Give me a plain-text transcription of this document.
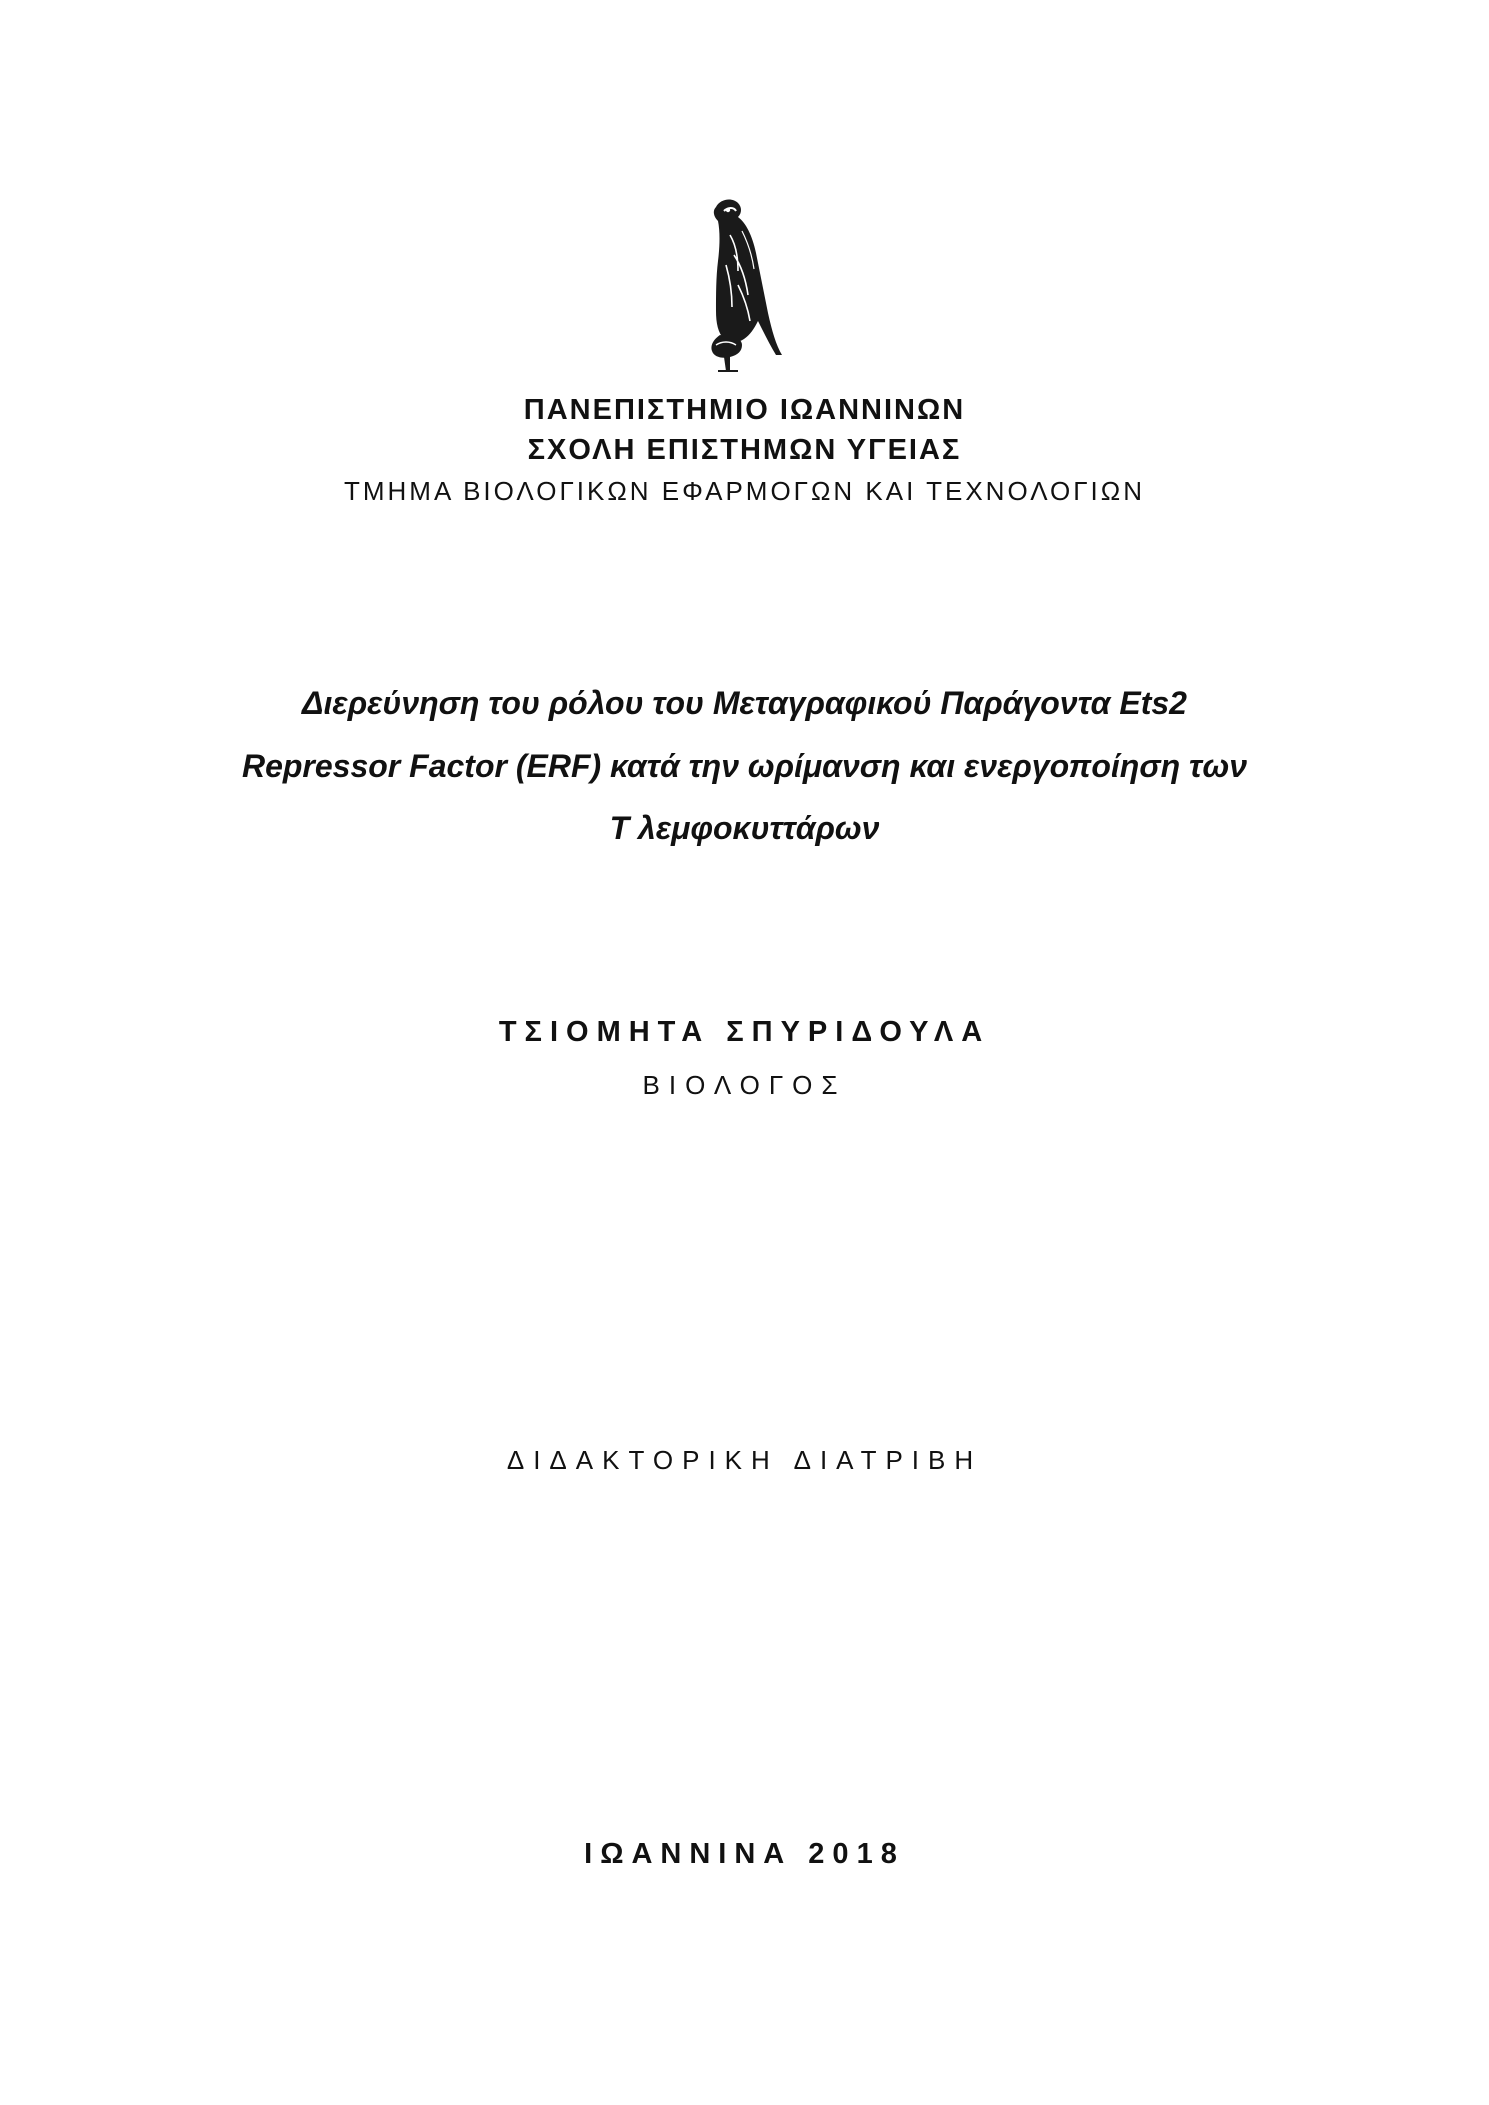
ΠΑΝΕΠΙΣΤΗΜΙΟ ΙΩΑΝΝΙΝΩΝ
ΣΧΟΛΗ ΕΠΙΣΤΗΜΩΝ ΥΓΕΙΑΣ
ΤΜΗΜΑ ΒΙΟΛΟΓΙΚΩΝ ΕΦΑΡΜΟΓΩΝ ΚΑΙ ΤΕΧΝΟΛΟΓΙΩΝ
Διερεύνηση του ρόλου του Μεταγραφικού Παράγοντα Ets2
Repressor Factor (ERF) κατά την ωρίμανση και ενεργοποίηση των
Τ λεμφοκυττάρων
ΤΣΙΟΜΗΤΑ ΣΠΥΡΙΔΟΥΛΑ
ΒΙΟΛΟΓΟΣ
ΔΙΔΑΚΤΟΡΙΚΗ ΔΙΑΤΡΙΒΗ
ΙΩΑΝΝΙΝΑ 2018
